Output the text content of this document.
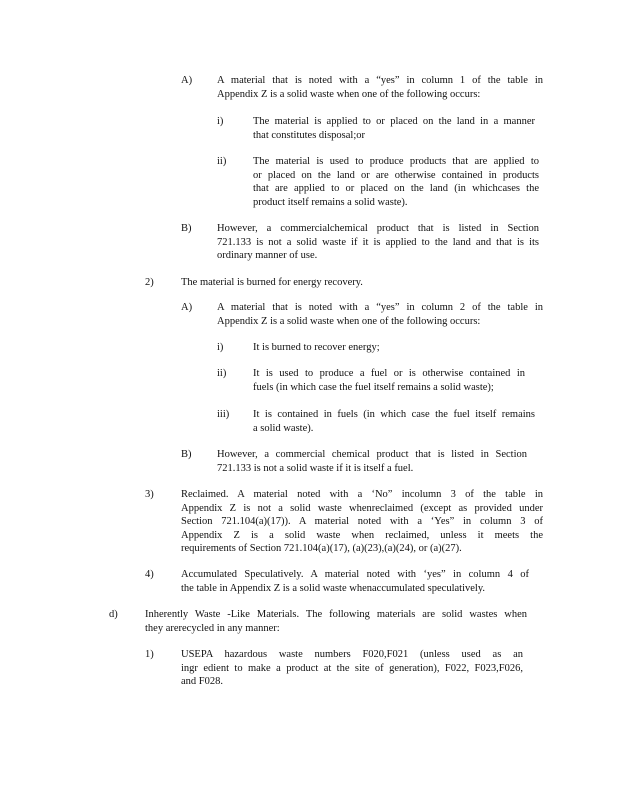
A) A material that is noted with a “yes” in column 1 of the table in
Appendix Z is a solid waste when one of the following occurs:
i)	The material is applied to or placed on the land in a manner
that constitutes disposal;or
ii)	The material is used to produce products that are applied to
or placed on the land or are otherwise contained in products
that are applied to or placed on the land (in whichcases the
product itself remains a solid waste).
B) However, a commercialchemical product that is listed in Section
721.133 is not a solid waste if it is applied to the land and that is its
ordinary manner of use.
2)	The material is burned for energy recovery.
A) A material that is noted with a “yes” in column 2 of the table in
Appendix Z is a solid waste when one of the following occurs:
i)	It is burned to recover energy;
ii)	It is used to produce a fuel or is otherwise contained in
fuels (in which case the fuel itself remains a solid waste);
iii) It is contained in fuels (in which case the fuel itself remains
a solid waste).
B) However, a commercial chemical product that is listed in Section
721.133 is not a solid waste if it is itself a fuel.
3)	Reclaimed. A material noted with a ‘No” incolumn 3 of the table in
Appendix Z is not a solid waste whenreclaimed (except as provided under
Section 721.104(a)(17)). A material noted with a ‘Yes” in column 3 of
Appendix Z is a solid waste when reclaimed, unless it meets the
requirements of Section 721.104(a)(17), (a)(23),(a)(24), or (a)(27).
4)	Accumulated Speculatively. A material noted with ‘yes” in column 4 of
the table in Appendix Z is a solid waste whenaccumulated speculatively.
d)	Inherently Waste -Like Materials. The following materials are solid wastes when
they arerecycled in any manner:
1)	USEPA hazardous waste numbers F020,F021 (unless used as an
ingr edient to make a product at the site of generation), F022, F023,F026,
and F028.
